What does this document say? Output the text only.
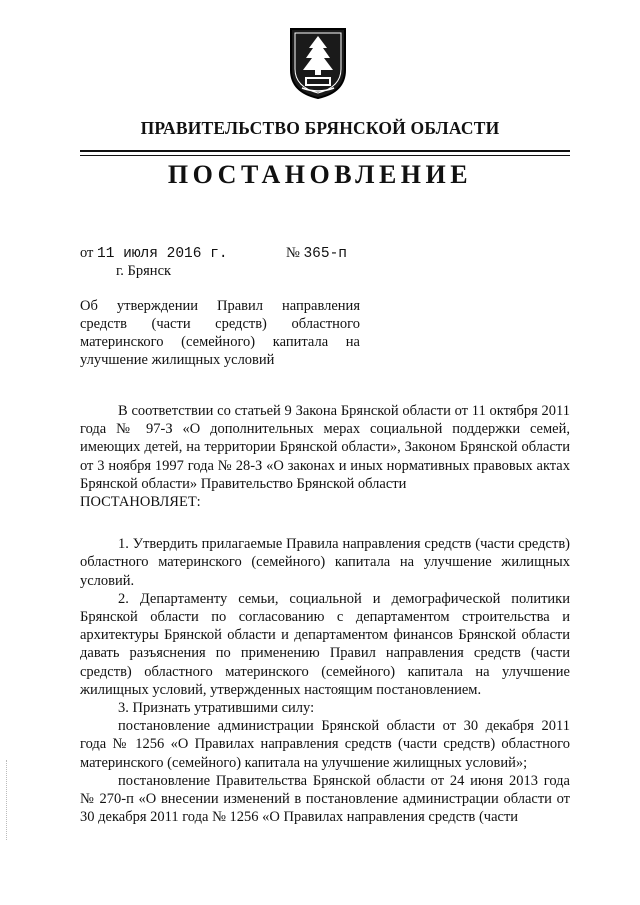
ПРАВИТЕЛЬСТВО БРЯНСКОЙ ОБЛАСТИ
ПОСТАНОВЛЕНИЕ
от 11 июля 2016 г.	№ 365-п
г. Брянск
Об утверждении Правил направления
средств (части средств) областного
материнского (семейного) капитала на
улучшение жилищных условий

В соответствии со статьей 9 Закона Брянской области от 11 октября 2011 года № 97-З «О дополнительных мерах социальной поддержки семей, имеющих детей, на территории Брянской области», Законом Брянской области от 3 ноября 1997 года № 28-З «О законах и иных нормативных правовых актах Брянской области» Правительство Брянской области

ПОСТАНОВЛЯЕТ:

1. Утвердить прилагаемые Правила направления средств (части средств) областного материнского (семейного) капитала на улучшение жилищных условий.

2. Департаменту семьи, социальной и демографической политики Брянской области по согласованию с департаментом строительства и архитектуры Брянской области и департаментом финансов Брянской области давать разъяснения по применению Правил направления средств (части средств) областного материнского (семейного) капитала на улучшение жилищных условий, утвержденных настоящим постановлением.

3. Признать утратившими силу:

постановление администрации Брянской области от 30 декабря 2011 года № 1256 «О Правилах направления средств (части средств) областного материнского (семейного) капитала на улучшение жилищных условий»;

постановление Правительства Брянской области от 24 июня 2013 года № 270-п «О внесении изменений в постановление администрации области от 30 декабря 2011 года № 1256 «О Правилах направления средств (части
